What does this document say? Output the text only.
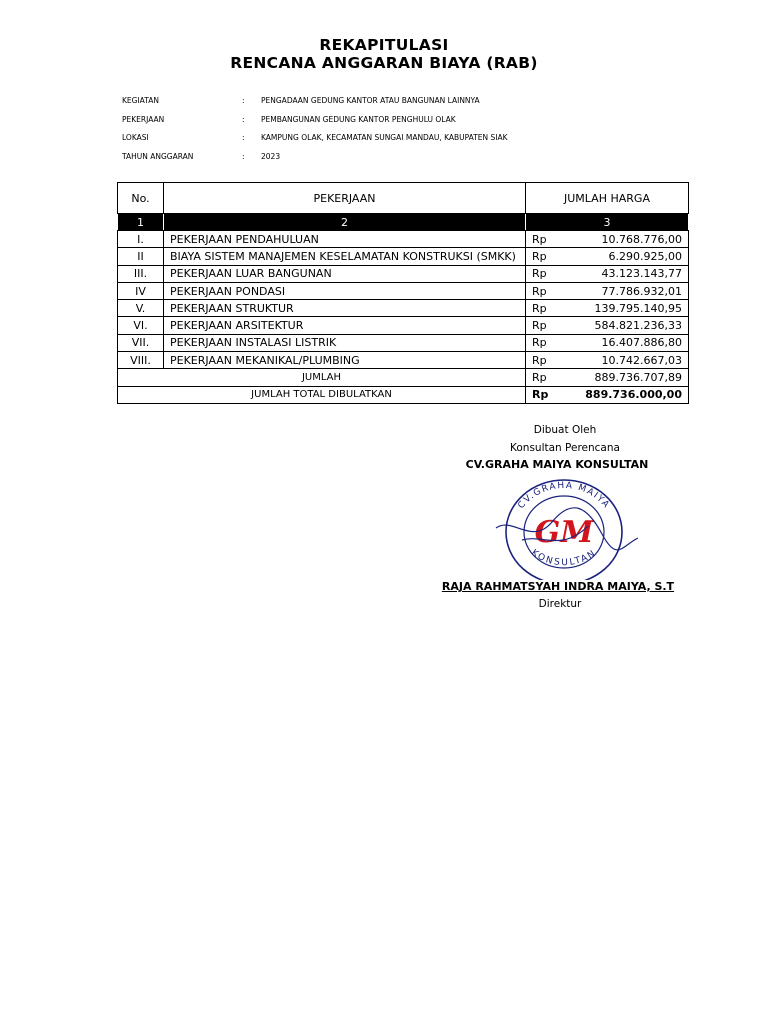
REKAPITULASI
RENCANA ANGGARAN BIAYA (RAB)
KEGIATAN	: PENGADAAN GEDUNG KANTOR ATAU BANGUNAN LAINNYA
PEKERJAAN	: PEMBANGUNAN GEDUNG KANTOR PENGHULU OLAK
LOKASI	: KAMPUNG OLAK, KECAMATAN SUNGAI MANDAU, KABUPATEN SIAK
TAHUN ANGGARAN	: 2023
No.	PEKERJAAN	JUMLAH HARGA	
1	2	3	
I.	PEKERJAAN PENDAHULUAN	Rp	10.768.776,00
II	BIAYA SISTEM MANAJEMEN KESELAMATAN KONSTRUKSI (SMKK)	Rp	6.290.925,00
III.	PEKERJAAN LUAR BANGUNAN	Rp	43.123.143,77
IV	PEKERJAAN PONDASI	Rp	77.786.932,01
V.	PEKERJAAN STRUKTUR	Rp	139.795.140,95
VI.	PEKERJAAN ARSITEKTUR	Rp	584.821.236,33
VII.	PEKERJAAN INSTALASI LISTRIK	Rp	16.407.886,80
VIII.	PEKERJAAN MEKANIKAL/PLUMBING	Rp	10.742.667,03
JUMLAH		Rp	889.736.707,89
JUMLAH TOTAL DIBULATKAN		Rp	889.736.000,00
Dibuat Oleh
Konsultan Perencana
CV.GRAHA MAIYA KONSULTAN
CV.GRAHA MAIYA
KONSULTAN
GM
RAJA RAHMATSYAH INDRA MAIYA, S.T
Direktur
